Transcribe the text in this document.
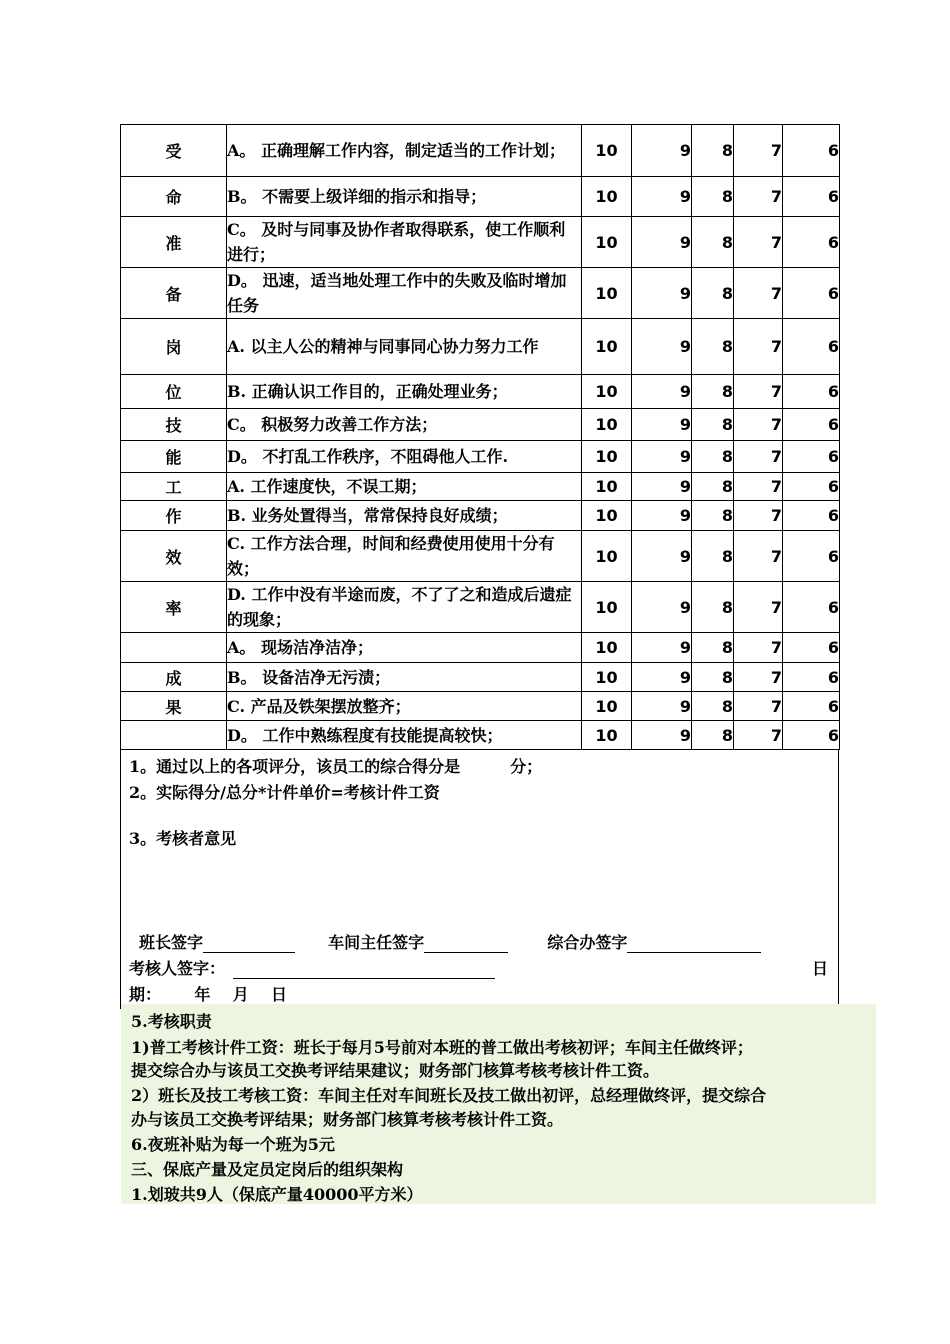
受	A。 正确理解工作内容，制定适当的工作计划；	10	9	8	7	6
命	B。 不需要上级详细的指示和指导；	10	9	8	7	6
准	C。 及时与同事及协作者取得联系，使工作顺利进行；	10	9	8	7	6
备	D。 迅速，适当地处理工作中的失败及临时增加任务	10	9	8	7	6
岗	A. 以主人公的精神与同事同心协力努力工作	10	9	8	7	6
位	B. 正确认识工作目的，正确处理业务；	10	9	8	7	6
技	C。 积极努力改善工作方法；	10	9	8	7	6
能	D。 不打乱工作秩序，不阻碍他人工作.	10	9	8	7	6
工	A. 工作速度快，不误工期；	10	9	8	7	6
作	B. 业务处置得当，常常保持良好成绩；	10	9	8	7	6
效	C. 工作方法合理，时间和经费使用使用十分有效；	10	9	8	7	6
率	D. 工作中没有半途而废，不了了之和造成后遗症的现象；	10	9	8	7	6
	A。 现场洁净洁净；	10	9	8	7	6
成	B。 设备洁净无污渍；	10	9	8	7	6
果	C. 产品及铁架摆放整齐；	10	9	8	7	6
	D。 工作中熟练程度有技能提高较快；	10	9	8	7	6
1。通过以上的各项评分，该员工的综合得分是	分；
2。实际得分/总分*计件单价=考核计件工资
3。考核者意见
班长签字	车间主任签字	综合办签字
考核人签字：	日
期：      年    月    日
5.考核职责
1)普工考核计件工资：班长于每月5号前对本班的普工做出考核初评；车间主任做终评；
提交综合办与该员工交换考评结果建议；财务部门核算考核考核计件工资。
2）班长及技工考核工资：车间主任对车间班长及技工做出初评，总经理做终评，提交综合
办与该员工交换考评结果；财务部门核算考核考核计件工资。
6.夜班补贴为每一个班为5元
三、保底产量及定员定岗后的组织架构
1.划玻共9人（保底产量40000平方米）
